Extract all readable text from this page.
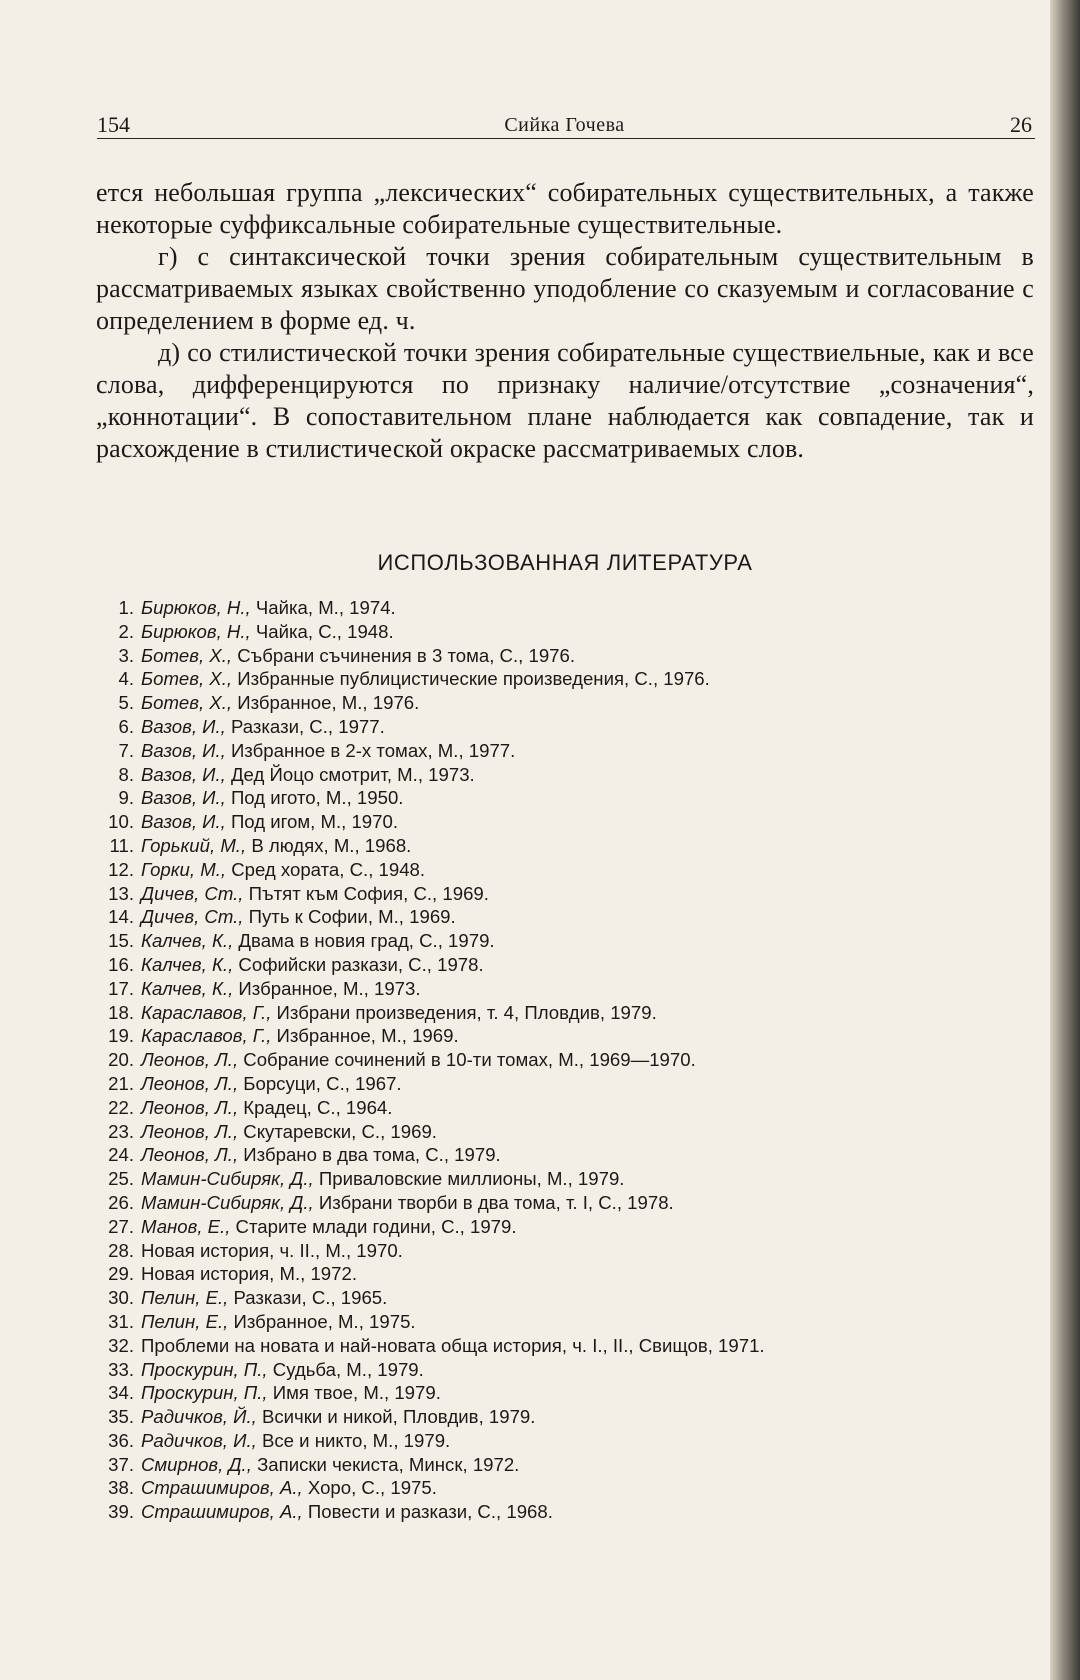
154	Сийка Гочева	26

ется небольшая группа „лексических“ собирательных существительных, а также некоторые суффиксальные собирательные существительные.

г) с синтаксической точки зрения собирательным существительным в рассматриваемых языках свойственно уподобление со сказуемым и согласование с определением в форме ед. ч.

д) со стилистической точки зрения собирательные существиельные, как и все слова, дифференцируются по признаку наличие/отсутствие „созначения“, „коннотации“. В сопоставительном плане наблюдается как совпадение, так и расхождение в стилистической окраске рассматриваемых слов.

ИСПОЛЬЗОВАННАЯ ЛИТЕРАТУРА
1. Бирюков, Н., Чайка, М., 1974.
2. Бирюков, Н., Чайка, С., 1948.
3. Ботев, Х., Събрани съчинения в 3 тома, С., 1976.
4. Ботев, Х., Избранные публицистические произведения, С., 1976.
5. Ботев, Х., Избранное, М., 1976.
6. Вазов, И., Разкази, С., 1977.
7. Вазов, И., Избранное в 2-х томах, М., 1977.
8. Вазов, И., Дед Йоцо смотрит, М., 1973.
9. Вазов, И., Под игото, М., 1950.
10. Вазов, И., Под игом, М., 1970.
11. Горький, М., В людях, М., 1968.
12. Горки, М., Сред хората, С., 1948.
13. Дичев, Ст., Пътят към София, С., 1969.
14. Дичев, Ст., Путь к Софии, М., 1969.
15. Калчев, К., Двама в новия град, С., 1979.
16. Калчев, К., Софийски разкази, С., 1978.
17. Калчев, К., Избранное, М., 1973.
18. Караславов, Г., Избрани произведения, т. 4, Пловдив, 1979.
19. Караславов, Г., Избранное, М., 1969.
20. Леонов, Л., Собрание сочинений в 10-ти томах, М., 1969—1970.
21. Леонов, Л., Борсуци, С., 1967.
22. Леонов, Л., Крадец, С., 1964.
23. Леонов, Л., Скутаревски, С., 1969.
24. Леонов, Л., Избрано в два тома, С., 1979.
25. Мамин-Сибиряк, Д., Приваловские миллионы, М., 1979.
26. Мамин-Сибиряк, Д., Избрани творби в два тома, т. I, С., 1978.
27. Манов, Е., Старите млади години, С., 1979.
28. Новая история, ч. II., М., 1970.
29. Новая история, М., 1972.
30. Пелин, Е., Разкази, С., 1965.
31. Пелин, Е., Избранное, М., 1975.
32. Проблеми на новата и най-новата обща история, ч. I., II., Свищов, 1971.
33. Проскурин, П., Судьба, М., 1979.
34. Проскурин, П., Имя твое, М., 1979.
35. Радичков, Й., Всички и никой, Пловдив, 1979.
36. Радичков, И., Все и никто, М., 1979.
37. Смирнов, Д., Записки чекиста, Минск, 1972.
38. Страшимиров, А., Хоро, С., 1975.
39. Страшимиров, А., Повести и разкази, С., 1968.
